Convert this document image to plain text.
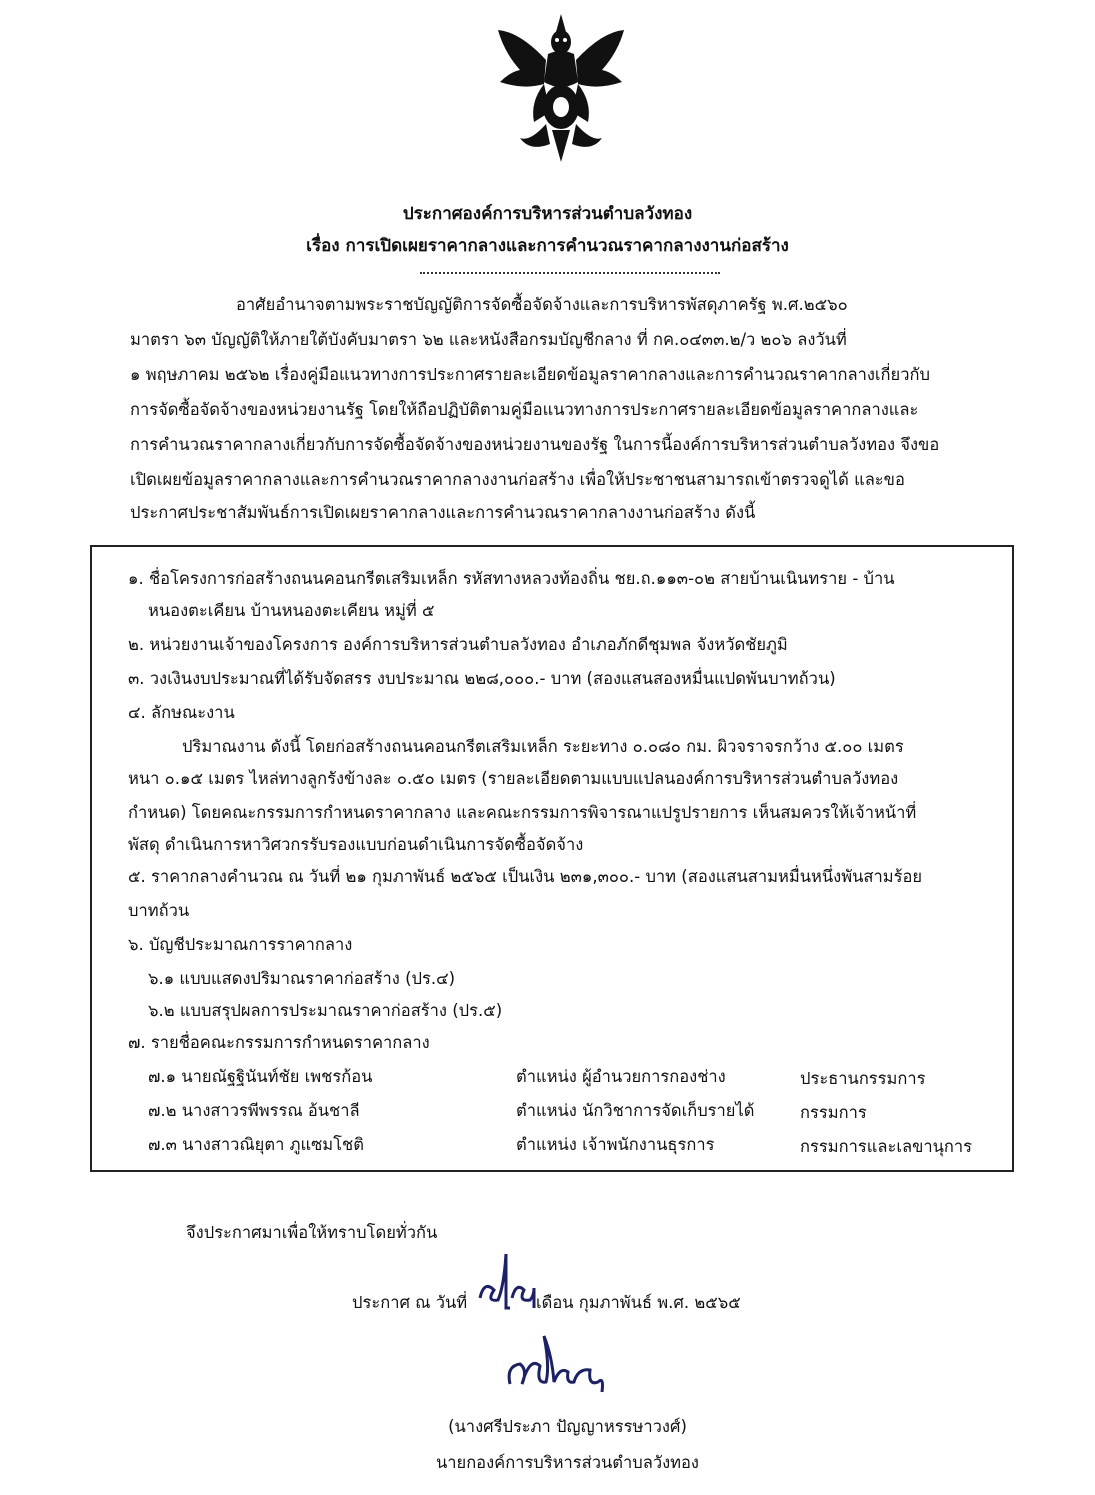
ประกาศองค์การบริหารส่วนตำบลวังทอง
เรื่อง การเปิดเผยราคากลางและการคำนวณราคากลางงานก่อสร้าง
อาศัยอำนาจตามพระราชบัญญัติการจัดซื้อจัดจ้างและการบริหารพัสดุภาครัฐ พ.ศ.๒๕๖๐
มาตรา ๖๓ บัญญัติให้ภายใต้บังคับมาตรา ๖๒ และหนังสือกรมบัญชีกลาง ที่ กค.๐๔๓๓.๒/ว ๒๐๖ ลงวันที่
๑ พฤษภาคม ๒๕๖๒ เรื่องคู่มือแนวทางการประกาศรายละเอียดข้อมูลราคากลางและการคำนวณราคากลางเกี่ยวกับ
การจัดซื้อจัดจ้างของหน่วยงานรัฐ โดยให้ถือปฏิบัติตามคู่มือแนวทางการประกาศรายละเอียดข้อมูลราคากลางและ
การคำนวณราคากลางเกี่ยวกับการจัดซื้อจัดจ้างของหน่วยงานของรัฐ ในการนี้องค์การบริหารส่วนตำบลวังทอง จึงขอ
เปิดเผยข้อมูลราคากลางและการคำนวณราคากลางงานก่อสร้าง เพื่อให้ประชาชนสามารถเข้าตรวจดูได้ และขอ
ประกาศประชาสัมพันธ์การเปิดเผยราคากลางและการคำนวณราคากลางงานก่อสร้าง ดังนี้
๑. ชื่อโครงการก่อสร้างถนนคอนกรีตเสริมเหล็ก รหัสทางหลวงท้องถิ่น ชย.ถ.๑๑๓-๐๒ สายบ้านเนินทราย - บ้าน
หนองตะเคียน บ้านหนองตะเคียน หมู่ที่ ๕
๒. หน่วยงานเจ้าของโครงการ องค์การบริหารส่วนตำบลวังทอง อำเภอภักดีชุมพล จังหวัดชัยภูมิ
๓. วงเงินงบประมาณที่ได้รับจัดสรร งบประมาณ ๒๒๘,๐๐๐.- บาท (สองแสนสองหมื่นแปดพันบาทถ้วน)
๔. ลักษณะงาน
ปริมาณงาน ดังนี้ โดยก่อสร้างถนนคอนกรีตเสริมเหล็ก ระยะทาง ๐.๐๘๐ กม. ผิวจราจรกว้าง ๕.๐๐ เมตร
หนา ๐.๑๕ เมตร ไหล่ทางลูกรังข้างละ ๐.๕๐ เมตร (รายละเอียดตามแบบแปลนองค์การบริหารส่วนตำบลวังทอง
กำหนด) โดยคณะกรรมการกำหนดราคากลาง และคณะกรรมการพิจารณาแปรูปรายการ เห็นสมควรให้เจ้าหน้าที่
พัสดุ ดำเนินการหาวิศวกรรับรองแบบก่อนดำเนินการจัดซื้อจัดจ้าง
๕. ราคากลางคำนวณ ณ วันที่ ๒๑ กุมภาพันธ์ ๒๕๖๕ เป็นเงิน ๒๓๑,๓๐๐.- บาท (สองแสนสามหมื่นหนึ่งพันสามร้อย
บาทถ้วน
๖. บัญชีประมาณการราคากลาง
๖.๑ แบบแสดงปริมาณราคาก่อสร้าง (ปร.๔)
๖.๒ แบบสรุปผลการประมาณราคาก่อสร้าง (ปร.๕)
๗. รายชื่อคณะกรรมการกำหนดราคากลาง
๗.๑ นายณัฐฐินันท์ชัย เพชรก้อน	ตำแหน่ง ผู้อำนวยการกองช่าง	ประธานกรรมการ
๗.๒ นางสาวรพีพรรณ อ้นชาลี	ตำแหน่ง นักวิชาการจัดเก็บรายได้	กรรมการ
๗.๓ นางสาวณิยุตา ภูแซมโชติ	ตำแหน่ง เจ้าพนักงานธุรการ	กรรมการและเลขานุการ
จึงประกาศมาเพื่อให้ทราบโดยทั่วกัน
ประกาศ ณ วันที่	เดือน กุมภาพันธ์ พ.ศ. ๒๕๖๕
(นางศรีประภา ปัญญาหรรษาวงศ์)
นายกองค์การบริหารส่วนตำบลวังทอง
